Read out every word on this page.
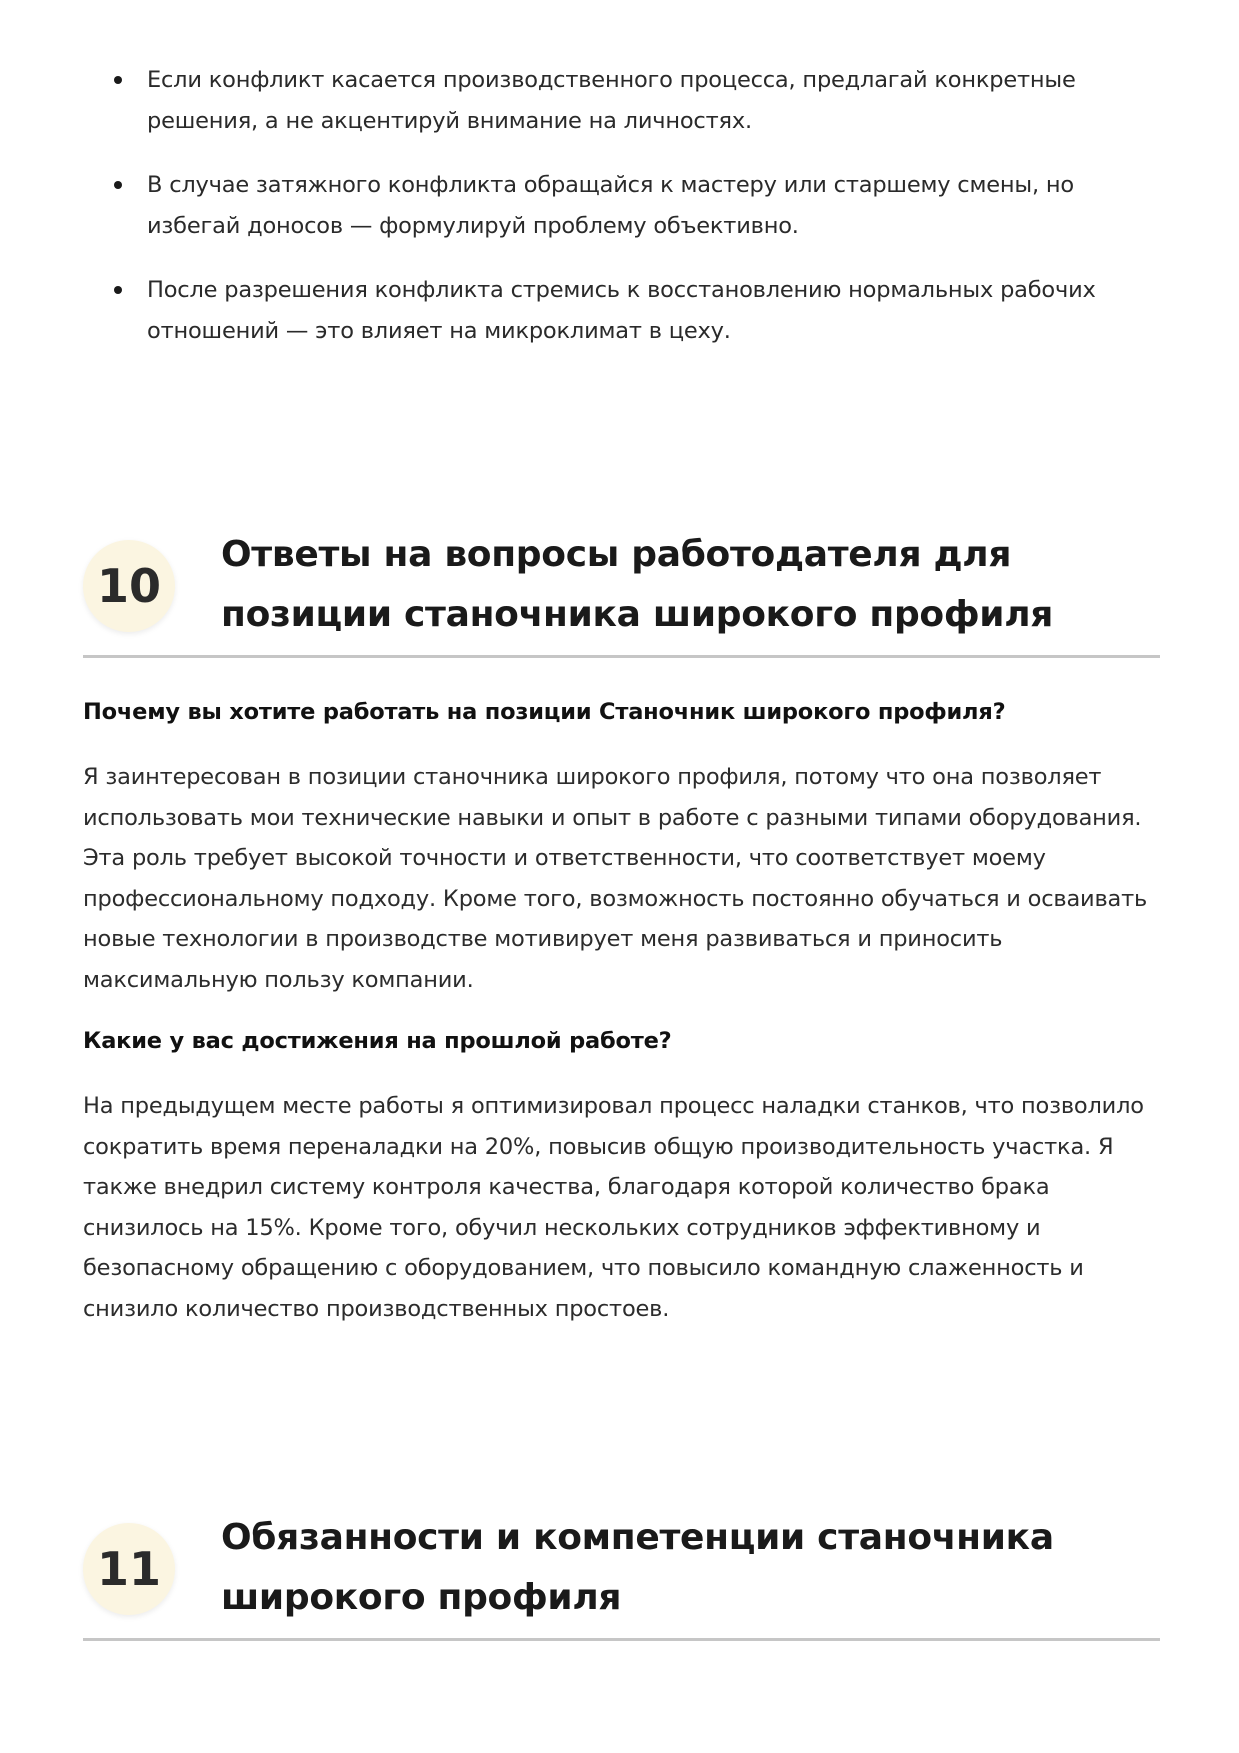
Если конфликт касается производственного процесса, предлагай конкретные решения, а не акцентируй внимание на личностях.
В случае затяжного конфликта обращайся к мастеру или старшему смены, но избегай доносов — формулируй проблему объективно.
После разрешения конфликта стремись к восстановлению нормальных рабочих отношений — это влияет на микроклимат в цеху.
10
Ответы на вопросы работодателя для позиции станочника широкого профиля
Почему вы хотите работать на позиции Станочник широкого профиля?

Я заинтересован в позиции станочника широкого профиля, потому что она позволяет использовать мои технические навыки и опыт в работе с разными типами оборудования. Эта роль требует высокой точности и ответственности, что соответствует моему профессиональному подходу. Кроме того, возможность постоянно обучаться и осваивать новые технологии в производстве мотивирует меня развиваться и приносить максимальную пользу компании.

Какие у вас достижения на прошлой работе?

На предыдущем месте работы я оптимизировал процесс наладки станков, что позволило сократить время переналадки на 20%, повысив общую производительность участка. Я также внедрил систему контроля качества, благодаря которой количество брака снизилось на 15%. Кроме того, обучил нескольких сотрудников эффективному и безопасному обращению с оборудованием, что повысило командную слаженность и снизило количество производственных простоев.

11
Обязанности и компетенции станочника широкого профиля
